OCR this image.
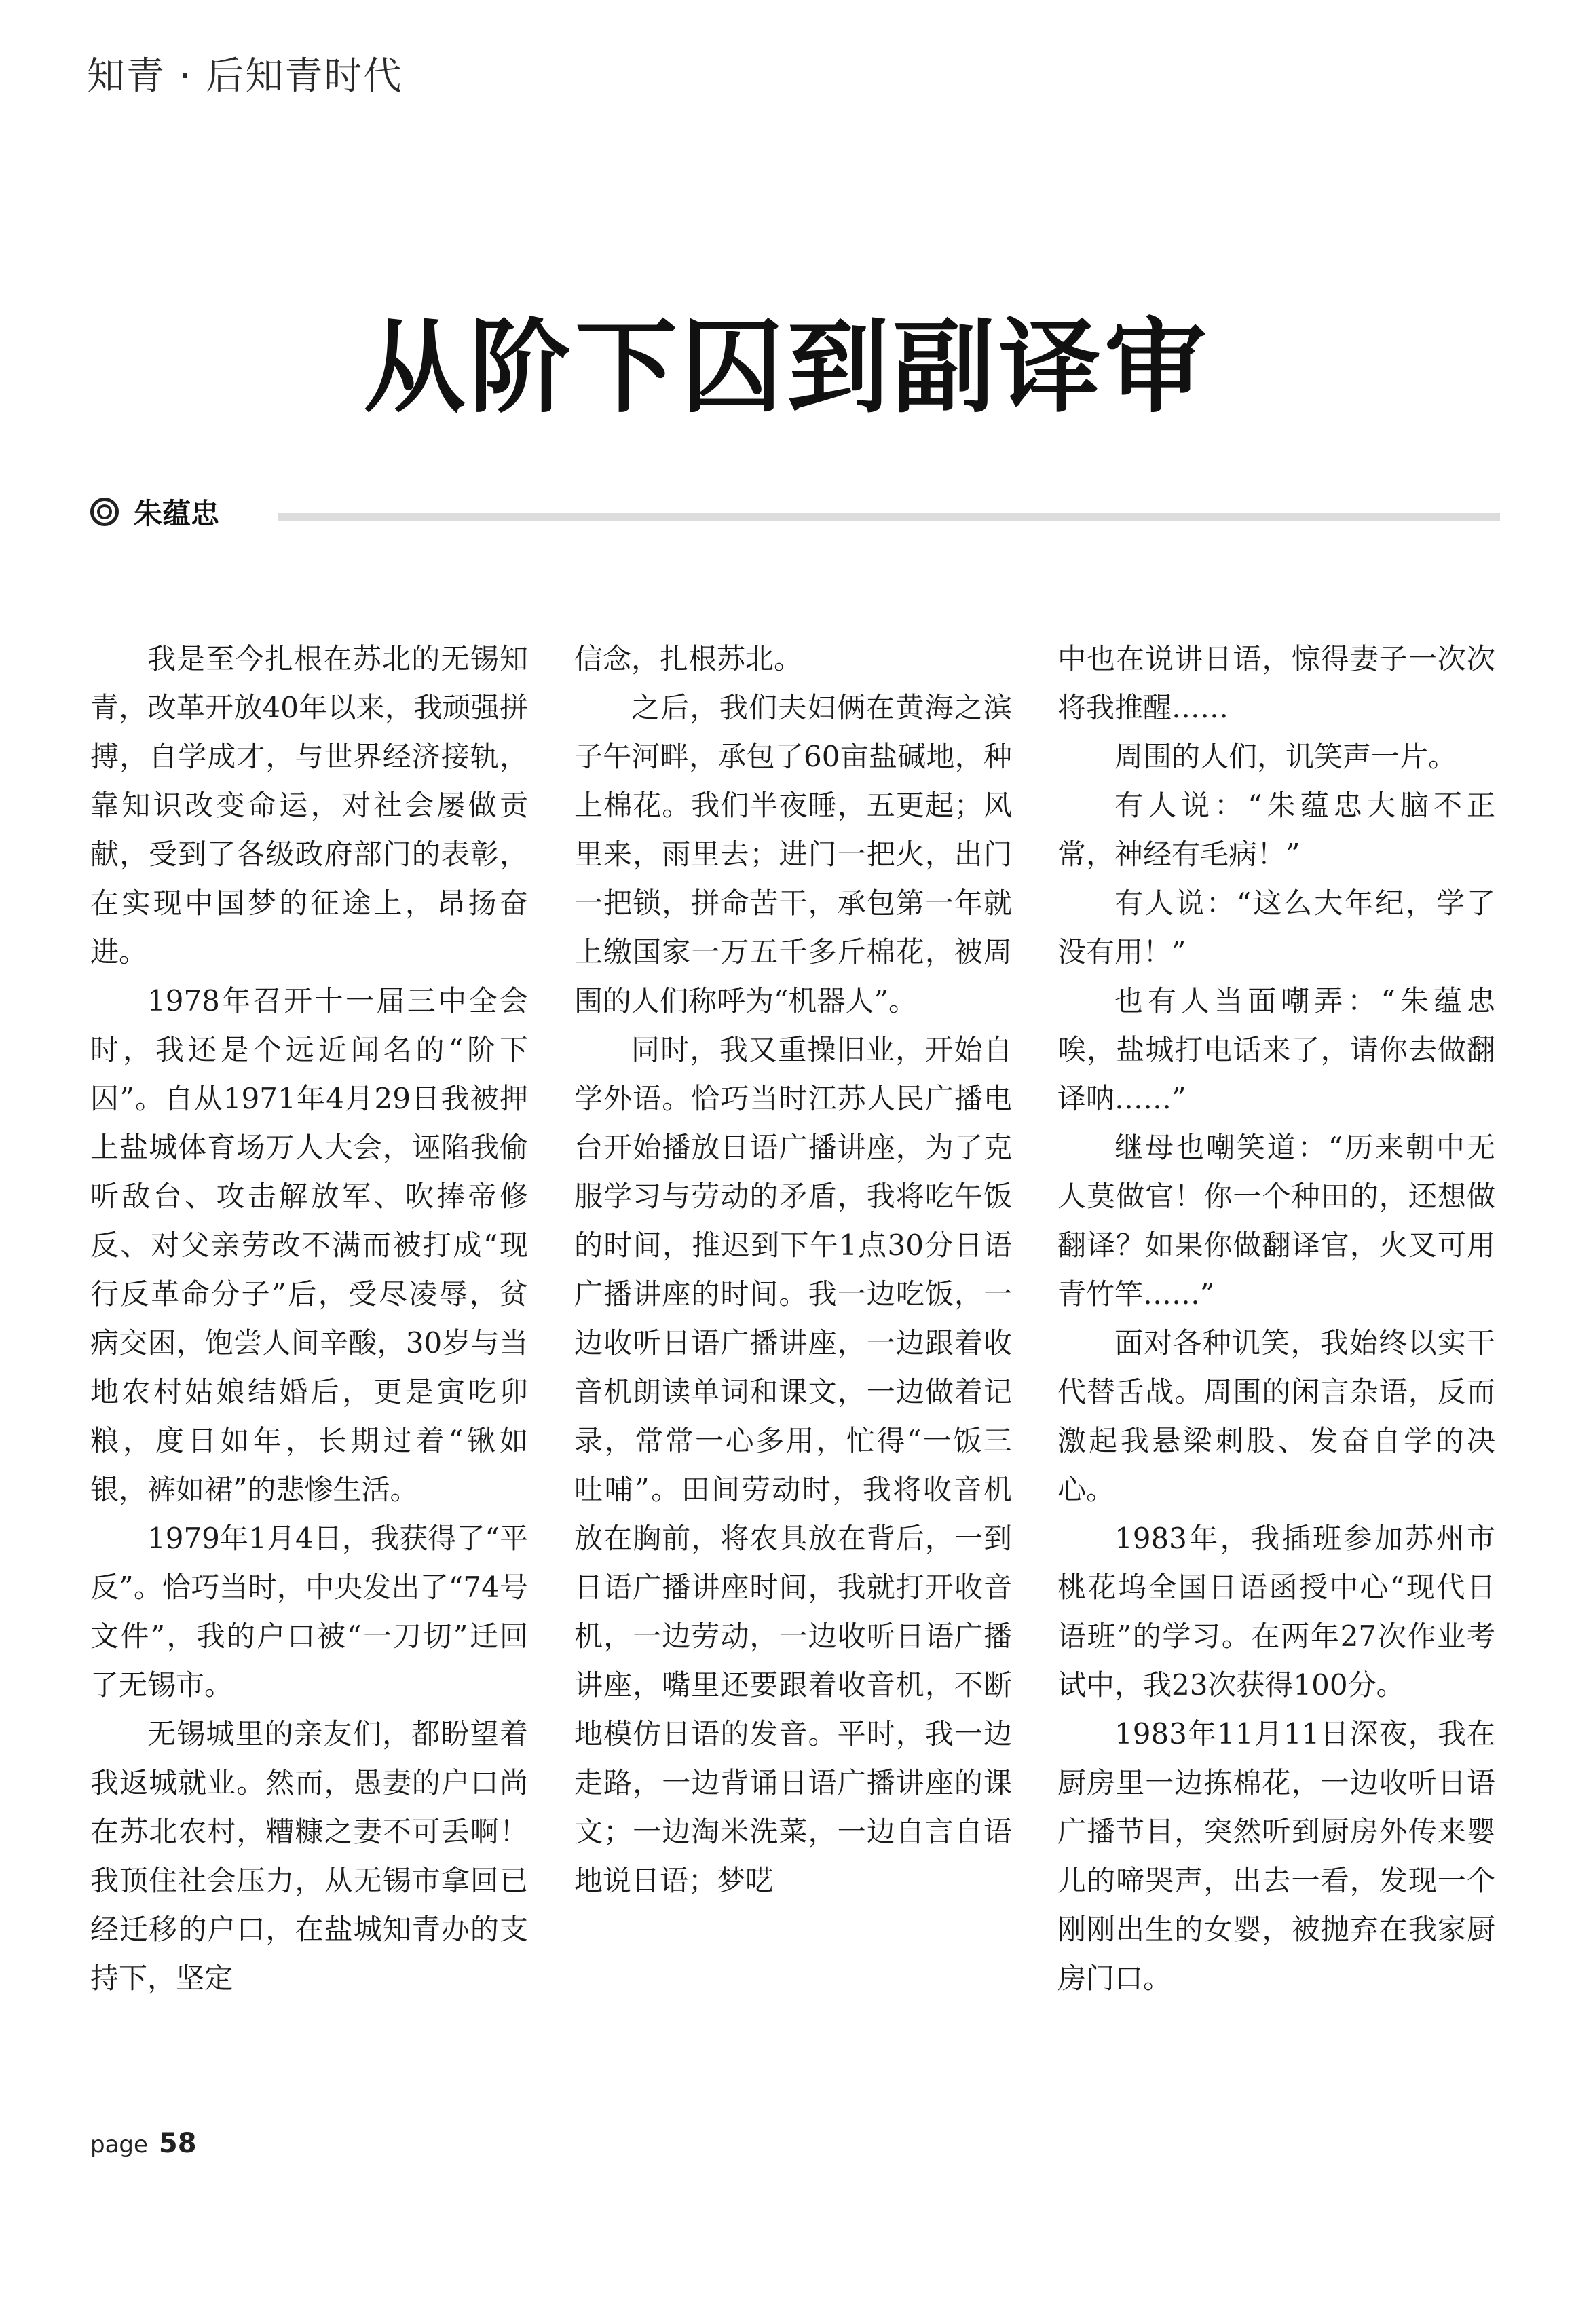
知青 · 后知青时代
从阶下囚到副译审
朱蕴忠

我是至今扎根在苏北的无锡知青，改革开放40年以来，我顽强拼搏，自学成才，与世界经济接轨，靠知识改变命运，对社会屡做贡献，受到了各级政府部门的表彰，在实现中国梦的征途上，昂扬奋进。

1978年召开十一届三中全会时，我还是个远近闻名的“阶下囚”。自从1971年4月29日我被押上盐城体育场万人大会，诬陷我偷听敌台、攻击解放军、吹捧帝修反、对父亲劳改不满而被打成“现行反革命分子”后，受尽凌辱，贫病交困，饱尝人间辛酸，30岁与当地农村姑娘结婚后，更是寅吃卯粮，度日如年，长期过着“锹如银，裤如裙”的悲惨生活。

1979年1月4日，我获得了“平反”。恰巧当时，中央发出了“74号文件”，我的户口被“一刀切”迁回了无锡市。

无锡城里的亲友们，都盼望着我返城就业。然而，愚妻的户口尚在苏北农村，糟糠之妻不可丢啊！我顶住社会压力，从无锡市拿回已经迁移的户口，在盐城知青办的支持下，坚定

信念，扎根苏北。

之后，我们夫妇俩在黄海之滨子午河畔，承包了60亩盐碱地，种上棉花。我们半夜睡，五更起；风里来，雨里去；进门一把火，出门一把锁，拼命苦干，承包第一年就上缴国家一万五千多斤棉花，被周围的人们称呼为“机器人”。

同时，我又重操旧业，开始自学外语。恰巧当时江苏人民广播电台开始播放日语广播讲座，为了克服学习与劳动的矛盾，我将吃午饭的时间，推迟到下午1点30分日语广播讲座的时间。我一边吃饭，一边收听日语广播讲座，一边跟着收音机朗读单词和课文，一边做着记录，常常一心多用，忙得“一饭三吐哺”。田间劳动时，我将收音机放在胸前，将农具放在背后，一到日语广播讲座时间，我就打开收音机，一边劳动，一边收听日语广播讲座，嘴里还要跟着收音机，不断地模仿日语的发音。平时，我一边走路，一边背诵日语广播讲座的课文；一边淘米洗菜，一边自言自语地说日语；梦呓

中也在说讲日语，惊得妻子一次次将我推醒……

周围的人们，讥笑声一片。

有人说：“朱蕴忠大脑不正常，神经有毛病！”

有人说：“这么大年纪，学了没有用！”

也有人当面嘲弄：“朱蕴忠唉，盐城打电话来了，请你去做翻译呐……”

继母也嘲笑道：“历来朝中无人莫做官！你一个种田的，还想做翻译？如果你做翻译官，火叉可用青竹竿……”

面对各种讥笑，我始终以实干代替舌战。周围的闲言杂语，反而激起我悬梁刺股、发奋自学的决心。

1983年，我插班参加苏州市桃花坞全国日语函授中心“现代日语班”的学习。在两年27次作业考试中，我23次获得100分。

1983年11月11日深夜，我在厨房里一边拣棉花，一边收听日语广播节目，突然听到厨房外传来婴儿的啼哭声，出去一看，发现一个刚刚出生的女婴，被抛弃在我家厨房门口。

page 58
